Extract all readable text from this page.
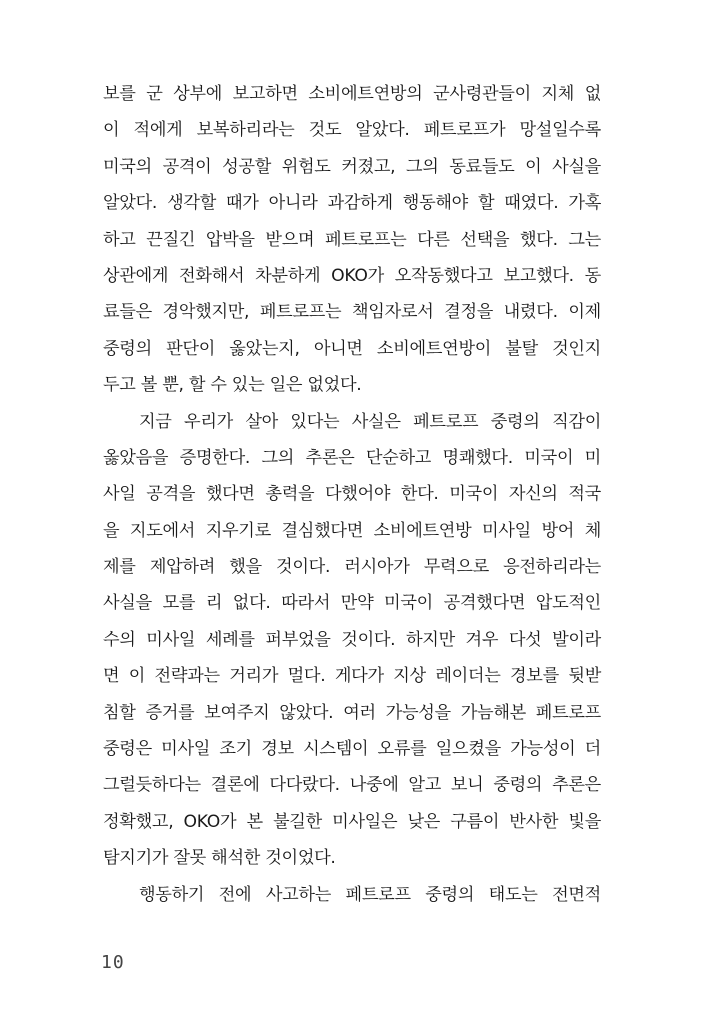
보를 군 상부에 보고하면 소비에트연방의 군사령관들이 지체 없
이 적에게 보복하리라는 것도 알았다. 페트로프가 망설일수록
미국의 공격이 성공할 위험도 커졌고, 그의 동료들도 이 사실을
알았다. 생각할 때가 아니라 과감하게 행동해야 할 때였다. 가혹
하고 끈질긴 압박을 받으며 페트로프는 다른 선택을 했다. 그는
상관에게 전화해서 차분하게 OKO가 오작동했다고 보고했다. 동
료들은 경악했지만, 페트로프는 책임자로서 결정을 내렸다. 이제
중령의 판단이 옳았는지, 아니면 소비에트연방이 불탈 것인지
두고 볼 뿐, 할 수 있는 일은 없었다.
지금 우리가 살아 있다는 사실은 페트로프 중령의 직감이
옳았음을 증명한다. 그의 추론은 단순하고 명쾌했다. 미국이 미
사일 공격을 했다면 총력을 다했어야 한다. 미국이 자신의 적국
을 지도에서 지우기로 결심했다면 소비에트연방 미사일 방어 체
제를 제압하려 했을 것이다. 러시아가 무력으로 응전하리라는
사실을 모를 리 없다. 따라서 만약 미국이 공격했다면 압도적인
수의 미사일 세례를 퍼부었을 것이다. 하지만 겨우 다섯 발이라
면 이 전략과는 거리가 멀다. 게다가 지상 레이더는 경보를 뒷받
침할 증거를 보여주지 않았다. 여러 가능성을 가늠해본 페트로프
중령은 미사일 조기 경보 시스템이 오류를 일으켰을 가능성이 더
그럴듯하다는 결론에 다다랐다. 나중에 알고 보니 중령의 추론은
정확했고, OKO가 본 불길한 미사일은 낮은 구름이 반사한 빛을
탐지기가 잘못 해석한 것이었다.
행동하기 전에 사고하는 페트로프 중령의 태도는 전면적
10
